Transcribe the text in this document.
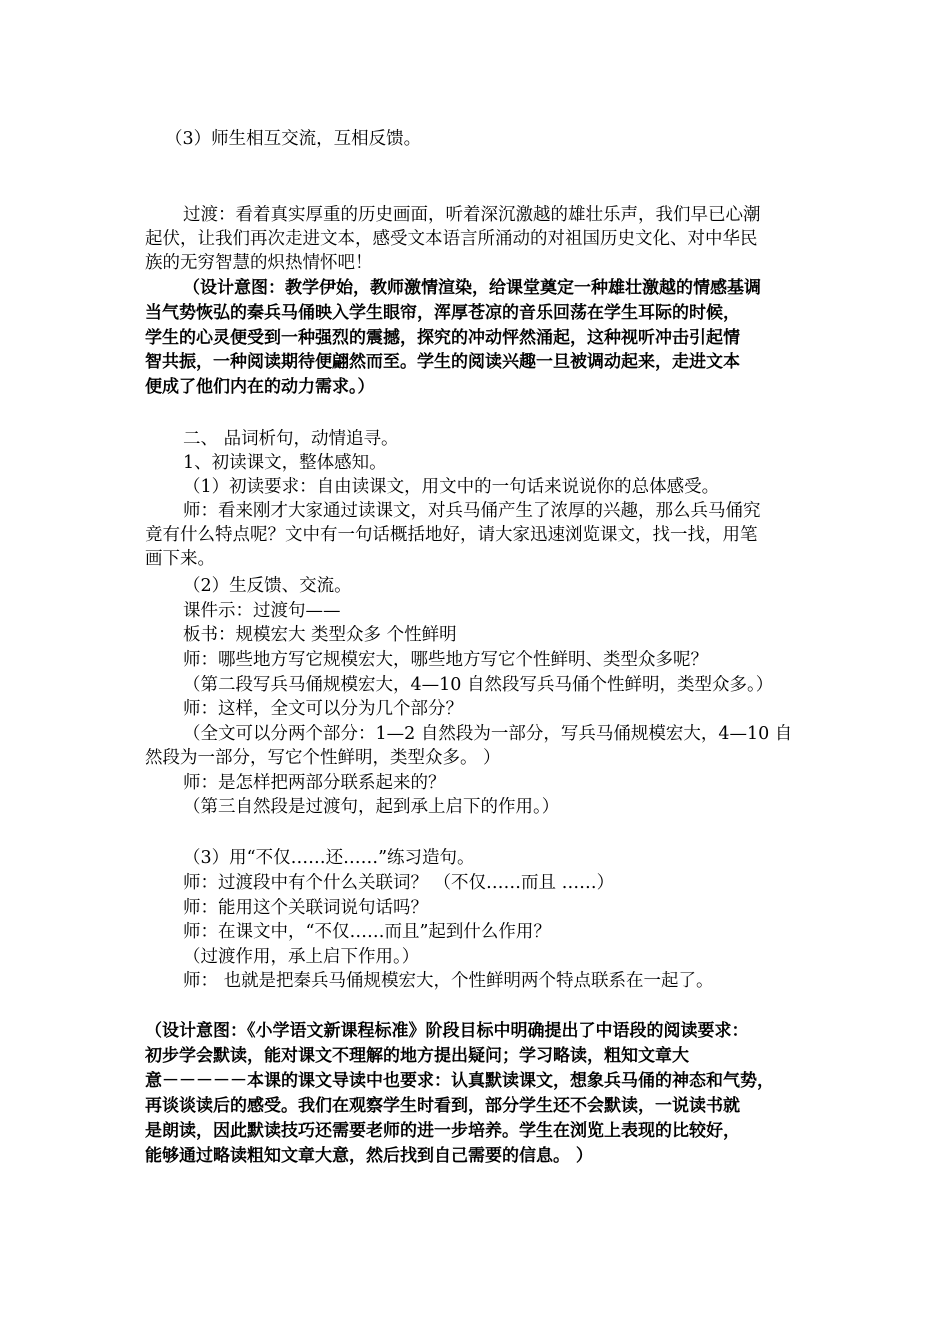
（3）师生相互交流，互相反馈。
过渡：看着真实厚重的历史画面，听着深沉激越的雄壮乐声，我们早已心潮
起伏，让我们再次走进文本，感受文本语言所涌动的对祖国历史文化、对中华民
族的无穷智慧的炽热情怀吧！
（设计意图：教学伊始，教师激情渲染，给课堂奠定一种雄壮激越的情感基调
当气势恢弘的秦兵马俑映入学生眼帘，浑厚苍凉的音乐回荡在学生耳际的时候，
学生的心灵便受到一种强烈的震撼，探究的冲动怦然涌起，这种视听冲击引起情
智共振，一种阅读期待便翩然而至。学生的阅读兴趣一旦被调动起来，走进文本
便成了他们内在的动力需求。）
二、 品词析句，动情追寻。
1、初读课文，整体感知。
（1）初读要求：自由读课文，用文中的一句话来说说你的总体感受。
师：看来刚才大家通过读课文，对兵马俑产生了浓厚的兴趣，那么兵马俑究
竟有什么特点呢？文中有一句话概括地好，请大家迅速浏览课文，找一找，用笔
画下来。
（2）生反馈、交流。
课件示：过渡句——
板书：规模宏大 类型众多 个性鲜明
师：哪些地方写它规模宏大，哪些地方写它个性鲜明、类型众多呢？
（第二段写兵马俑规模宏大，4—10 自然段写兵马俑个性鲜明，类型众多。）
师：这样，全文可以分为几个部分？
（全文可以分两个部分：1—2 自然段为一部分，写兵马俑规模宏大，4—10 自
然段为一部分，写它个性鲜明，类型众多。 ）
师：是怎样把两部分联系起来的？
（第三自然段是过渡句，起到承上启下的作用。）
（3）用“不仅……还……”练习造句。
师：过渡段中有个什么关联词？ （不仅……而且 ……）
师：能用这个关联词说句话吗？
师：在课文中，“不仅……而且”起到什么作用？
（过渡作用，承上启下作用。）
师： 也就是把秦兵马俑规模宏大，个性鲜明两个特点联系在一起了。
（设计意图：《小学语文新课程标准》阶段目标中明确提出了中语段的阅读要求：
初步学会默读，能对课文不理解的地方提出疑问；学习略读，粗知文章大
意－－－－－本课的课文导读中也要求：认真默读课文，想象兵马俑的神态和气势，
再谈谈读后的感受。我们在观察学生时看到，部分学生还不会默读，一说读书就
是朗读，因此默读技巧还需要老师的进一步培养。学生在浏览上表现的比较好，
能够通过略读粗知文章大意，然后找到自己需要的信息。 ）
